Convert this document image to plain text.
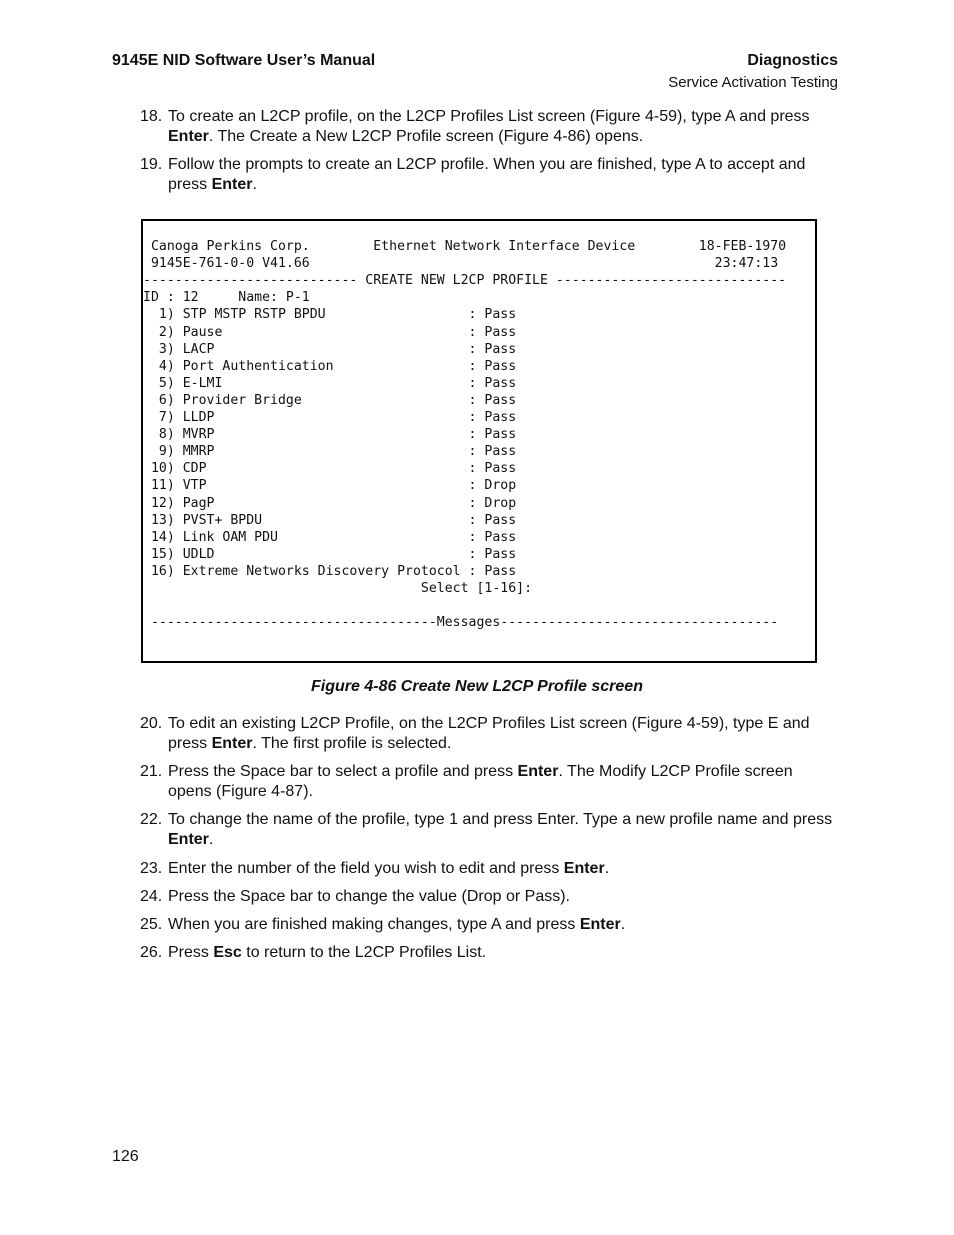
9145E NID Software User’s Manual	Diagnostics
Service Activation Testing
18. To create an L2CP profile, on the L2CP Profiles List screen (Figure 4-59), type A and press Enter. The Create a New L2CP Profile screen (Figure 4-86) opens.
19. Follow the prompts to create an L2CP profile. When you are finished, type A to accept and press Enter.
Canoga Perkins Corp.        Ethernet Network Interface Device        18-FEB-1970
9145E-761-0-0 V41.66                                                   23:47:13
--------------------------- CREATE NEW L2CP PROFILE -----------------------------
ID : 12     Name: P-1
1) STP MSTP RSTP BPDU                  : Pass
2) Pause                               : Pass
3) LACP                                : Pass
4) Port Authentication                 : Pass
5) E-LMI                               : Pass
6) Provider Bridge                     : Pass
7) LLDP                                : Pass
8) MVRP                                : Pass
9) MMRP                                : Pass
10) CDP                                 : Pass
11) VTP                                 : Drop
12) PagP                                : Drop
13) PVST+ BPDU                          : Pass
14) Link OAM PDU                        : Pass
15) UDLD                                : Pass
16) Extreme Networks Discovery Protocol : Pass
Select [1-16]:
------------------------------------Messages-----------------------------------
Figure 4-86 Create New L2CP Profile screen
20. To edit an existing L2CP Profile, on the L2CP Profiles List screen (Figure 4-59), type E and press Enter. The first profile is selected.
21. Press the Space bar to select a profile and press Enter. The Modify L2CP Profile screen opens (Figure 4-87).
22. To change the name of the profile, type 1 and press Enter. Type a new profile name and press Enter.
23. Enter the number of the field you wish to edit and press Enter.
24. Press the Space bar to change the value (Drop or Pass).
25. When you are finished making changes, type A and press Enter.
26. Press Esc to return to the L2CP Profiles List.
126
